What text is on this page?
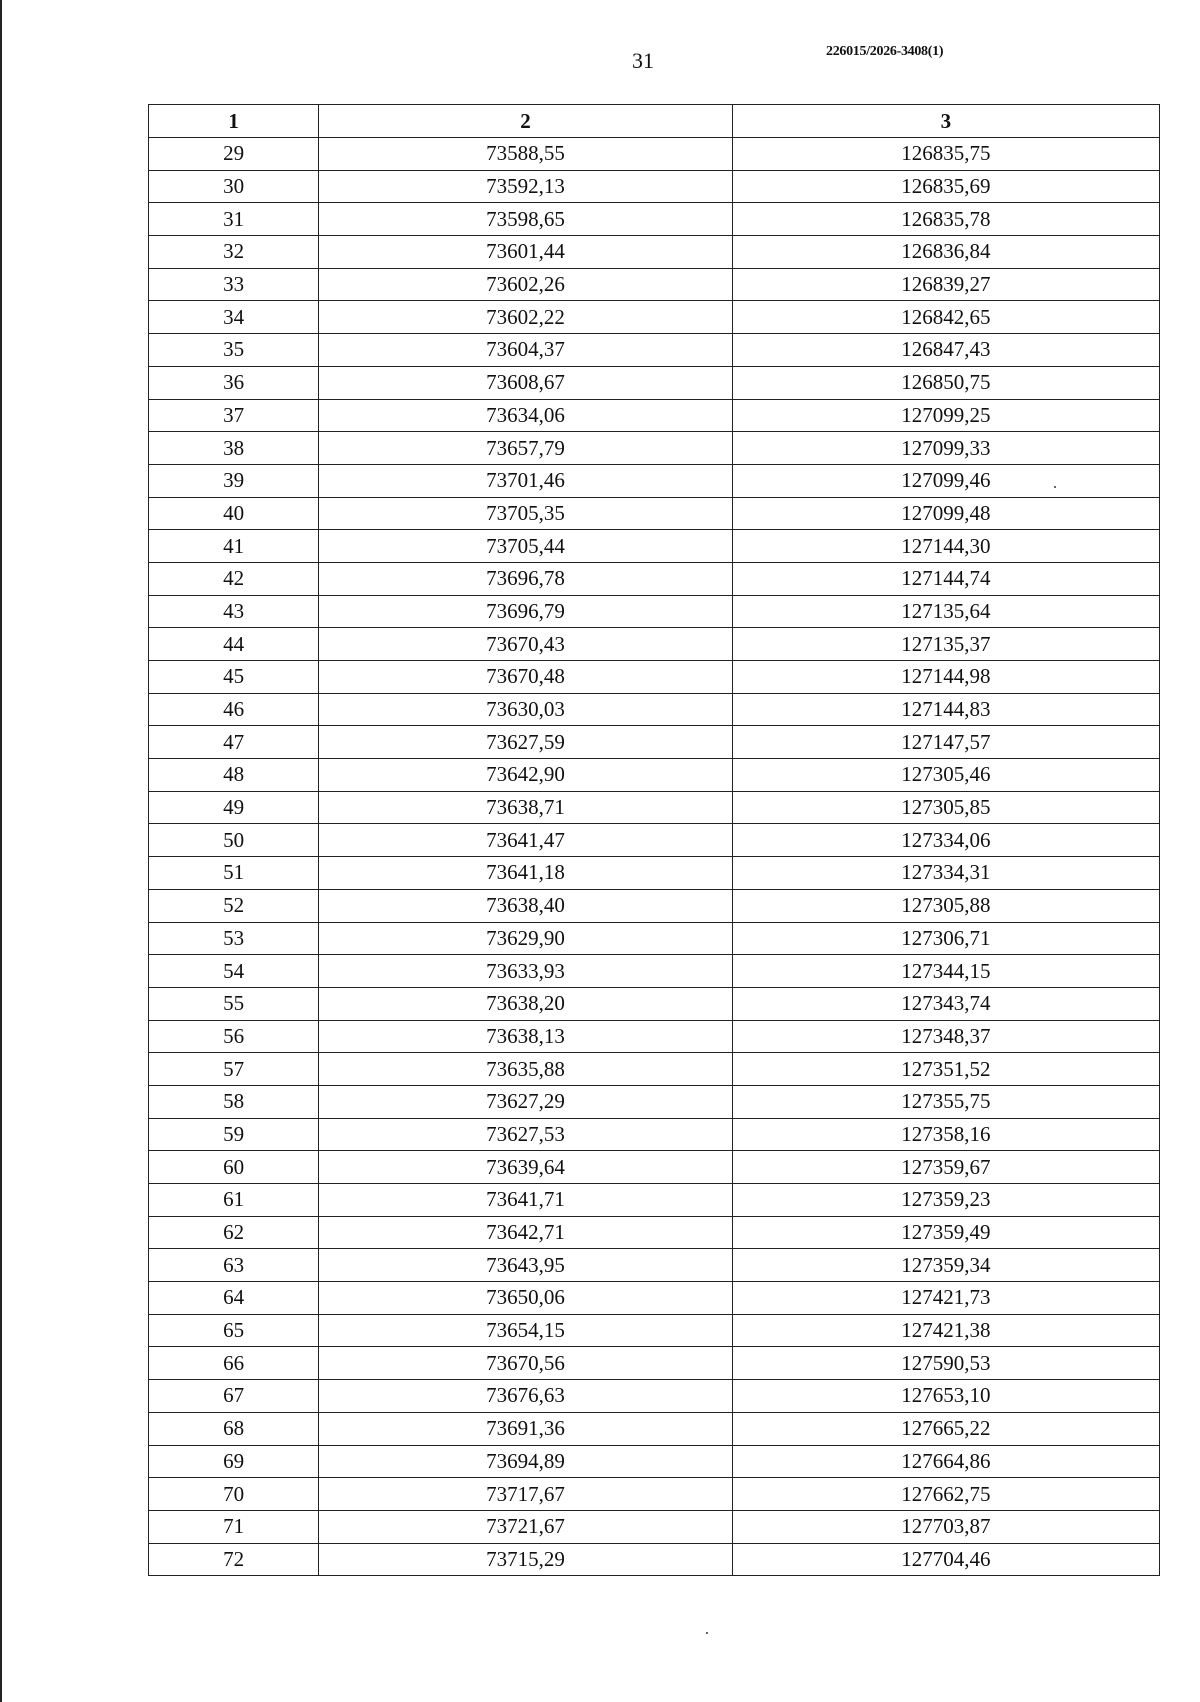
31	226015/2026-3408(1)
1	2	3
29	73588,55	126835,75
30	73592,13	126835,69
31	73598,65	126835,78
32	73601,44	126836,84
33	73602,26	126839,27
34	73602,22	126842,65
35	73604,37	126847,43
36	73608,67	126850,75
37	73634,06	127099,25
38	73657,79	127099,33
39	73701,46	127099,46
40	73705,35	127099,48
41	73705,44	127144,30
42	73696,78	127144,74
43	73696,79	127135,64
44	73670,43	127135,37
45	73670,48	127144,98
46	73630,03	127144,83
47	73627,59	127147,57
48	73642,90	127305,46
49	73638,71	127305,85
50	73641,47	127334,06
51	73641,18	127334,31
52	73638,40	127305,88
53	73629,90	127306,71
54	73633,93	127344,15
55	73638,20	127343,74
56	73638,13	127348,37
57	73635,88	127351,52
58	73627,29	127355,75
59	73627,53	127358,16
60	73639,64	127359,67
61	73641,71	127359,23
62	73642,71	127359,49
63	73643,95	127359,34
64	73650,06	127421,73
65	73654,15	127421,38
66	73670,56	127590,53
67	73676,63	127653,10
68	73691,36	127665,22
69	73694,89	127664,86
70	73717,67	127662,75
71	73721,67	127703,87
72	73715,29	127704,46
